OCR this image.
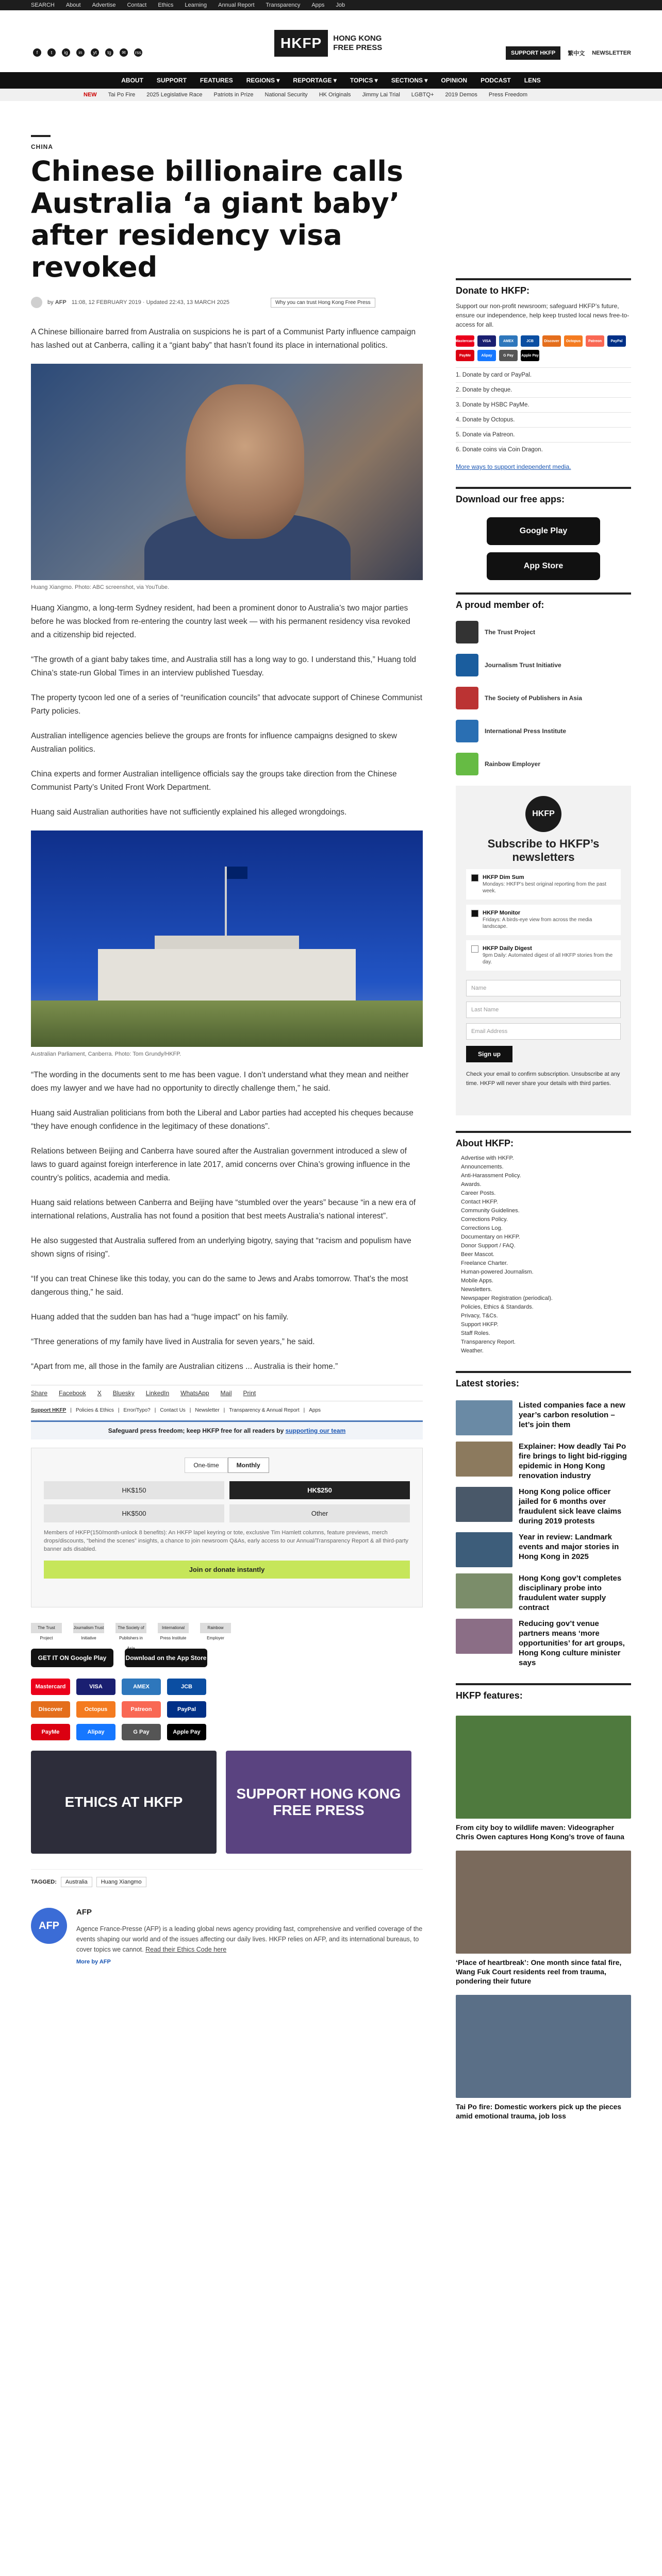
SEARCH About Advertise Contact Ethics Learning Annual Report Transparency Apps Job
f	t	ig	in	yt	tg	✉	rss
HKFP	HONG KONG
FREE PRESS
SUPPORT HKFP	繁中文 NEWSLETTER
ABOUT SUPPORT FEATURES REGIONS ▾ REPORTAGE ▾ TOPICS ▾ SECTIONS ▾ OPINION PODCAST LENS
NEW Tai Po Fire 2025 Legislative Race Patriots in Prize National Security HK Originals Jimmy Lai Trial LGBTQ+ 2019 Demos Press Freedom
CHINA
Chinese billionaire calls Australia ‘a giant baby’ after residency visa revoked
by AFP 11:08, 12 FEBRUARY 2019 · Updated 22:43, 13 MARCH 2025	Why you can trust Hong Kong Free Press

A Chinese billionaire barred from Australia on suspicions he is part of a Communist Party influence campaign has lashed out at Canberra, calling it a “giant baby” that hasn’t found its place in international politics.

Huang Xiangmo. Photo: ABC screenshot, via YouTube.

Huang Xiangmo, a long-term Sydney resident, had been a prominent donor to Australia’s two major parties before he was blocked from re-entering the country last week — with his permanent residency visa revoked and a citizenship bid rejected.

“The growth of a giant baby takes time, and Australia still has a long way to go. I understand this,” Huang told China’s state-run Global Times in an interview published Tuesday.

The property tycoon led one of a series of “reunification councils” that advocate support of Chinese Communist Party policies.

Australian intelligence agencies believe the groups are fronts for influence campaigns designed to skew Australian politics.

China experts and former Australian intelligence officials say the groups take direction from the Chinese Communist Party’s United Front Work Department.

Huang said Australian authorities have not sufficiently explained his alleged wrongdoings.

Australian Parliament, Canberra. Photo: Tom Grundy/HKFP.

“The wording in the documents sent to me has been vague. I don’t understand what they mean and neither does my lawyer and we have had no opportunity to directly challenge them,” he said.

Huang said Australian politicians from both the Liberal and Labor parties had accepted his cheques because “they have enough confidence in the legitimacy of these donations”.

Relations between Beijing and Canberra have soured after the Australian government introduced a slew of laws to guard against foreign interference in late 2017, amid concerns over China’s growing influence in the country’s politics, academia and media.

Huang said relations between Canberra and Beijing have “stumbled over the years” because “in a new era of international relations, Australia has not found a position that best meets Australia’s national interest”.

He also suggested that Australia suffered from an underlying bigotry, saying that “racism and populism have shown signs of rising”.

“If you can treat Chinese like this today, you can do the same to Jews and Arabs tomorrow. That’s the most dangerous thing,” he said.

Huang added that the sudden ban has had a “huge impact” on his family.

“Three generations of my family have lived in Australia for seven years,” he said.

“Apart from me, all those in the family are Australian citizens ... Australia is their home.”

Share Facebook X Bluesky LinkedIn WhatsApp Mail Print
Support HKFP | Policies & Ethics | Error/Typo? | Contact Us | Newsletter | Transparency & Annual Report | Apps
Safeguard press freedom; keep HKFP free for all readers by supporting our team
One-time	Monthly
HK$150	HK$250
HK$500	Other
Members of HKFP(150/month-unlock 8 benefits): An HKFP lapel keyring or tote, exclusive Tim Hamlett columns, feature previews, merch drops/discounts, “behind the scenes” insights, a chance to join newsroom Q&As, early access to our Annual/Transparency Report & all third-party banner ads disabled.
Join or donate instantly
The Trust Project
Journalism Trust Initiative
The Society of Publishers in
International Press Institute
Rainbow Employer
GET IT ON Google Play	Download on the App Store
Mastercard	VISA	AMEX	JCB
Discover	Octopus	Patreon	PayPal
PayMe	Alipay	G Pay	Apple Pay
ETHICS AT HKFP
SUPPORT HONG KONG FREE PRESS
TAGGED:	Australia	Huang Xiangmo
AFP
AFP
Agence France-Presse (AFP) is a leading global news agency providing fast, comprehensive and verified coverage of the events shaping our world and of the issues affecting our daily lives. HKFP relies on AFP, and its international bureaus, to cover topics we cannot. Read their Ethics Code here
More by AFP
Donate to HKFP:
Support our non-profit newsroom; safeguard HKFP’s future, ensure our independence, help keep trusted local news free-to-access for all.
Mastercard	VISA	AMEX	JCB	Discover	Octopus	Patreon	PayPal
PayMe	Alipay	G Pay	Apple Pay
1. Donate by card or PayPal.
2. Donate by cheque.
3. Donate by HSBC PayMe.
4. Donate by Octopus.
5. Donate via Patreon.
6. Donate coins via Coin Dragon.
More ways to support independent media.
Download our free apps:
Google Play
App Store
A proud member of:
The Trust Project
Journalism Trust Initiative
The Society of Publishers in Asia
International Press Institute
Rainbow Employer
HKFP
Subscribe to HKFP’s newsletters
HKFP Dim Sum
Mondays: HKFP’s best original reporting from the past week.
HKFP Monitor
Fridays: A birds-eye view from across the media landscape.
HKFP Daily Digest
9pm Daily: Automated digest of all HKFP stories from the day.
Name
Last Name
Email Address
Sign up
Check your email to confirm subscription. Unsubscribe at any time. HKFP will never share your details with third parties.
About HKFP:
Advertise with HKFP.
Announcements.
Anti-Harassment Policy.
Awards.
Career Posts.
Contact HKFP.
Community Guidelines.
Corrections Policy.
Corrections Log.
Documentary on HKFP.
Donor Support / FAQ.
Beer Mascot.
Freelance Charter.
Human-powered Journalism.
Mobile Apps.
Newsletters.
Newspaper Registration (periodical).
Policies, Ethics & Standards.
Privacy, T&Cs.
Support HKFP.
Staff Roles.
Transparency Report.
Weather.
Latest stories:
Listed companies face a new year’s carbon resolution – let’s join them
Explainer: How deadly Tai Po fire brings to light bid-rigging epidemic in Hong Kong renovation industry
Hong Kong police officer jailed for 6 months over fraudulent sick leave claims during 2019 protests
Year in review: Landmark events and major stories in Hong Kong in 2025
Hong Kong gov’t completes disciplinary probe into fraudulent water supply contract
Reducing gov’t venue partners means ‘more opportunities’ for art groups, Hong Kong culture minister says
HKFP features:
From city boy to wildlife maven: Videographer Chris Owen captures Hong Kong’s trove of fauna
‘Place of heartbreak’: One month since fatal fire, Wang Fuk Court residents reel from trauma, pondering their future
Tai Po fire: Domestic workers pick up the pieces amid emotional trauma, job loss
